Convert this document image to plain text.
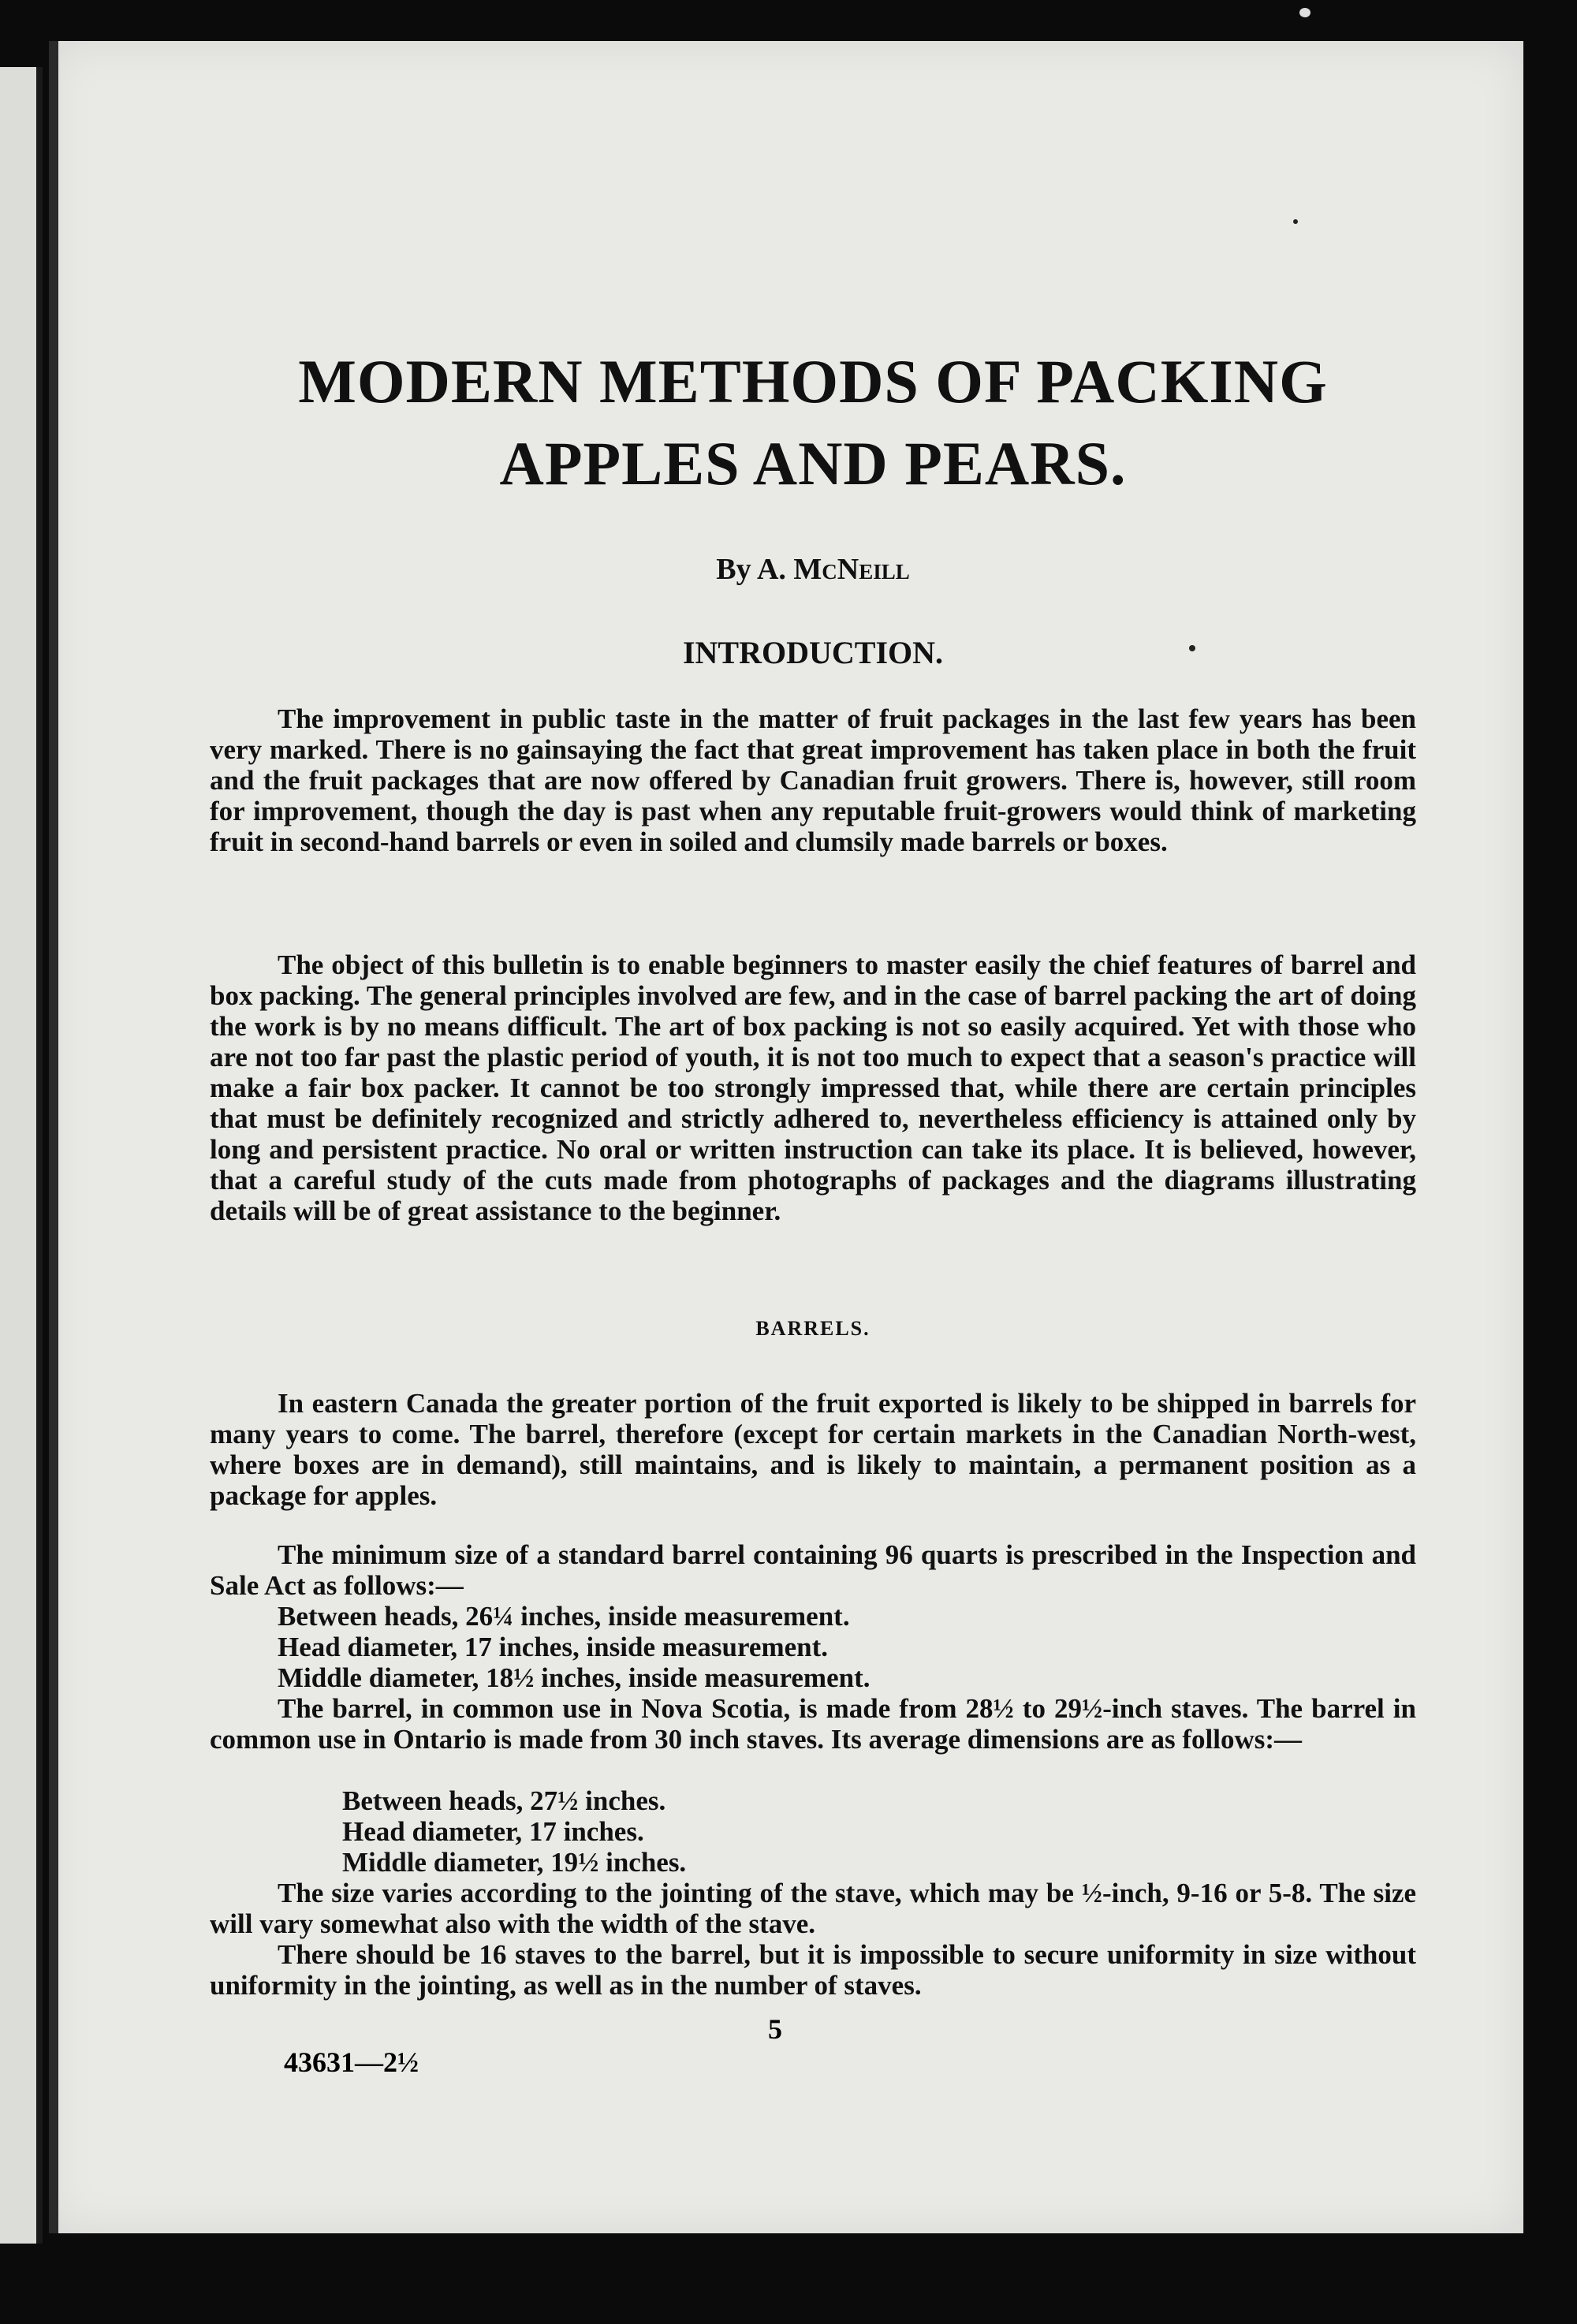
MODERN METHODS OF PACKING
APPLES AND PEARS.
By A. McNeill
INTRODUCTION.
The improvement in public taste in the matter of fruit packages in the last few years has been very marked. There is no gainsaying the fact that great improvement has taken place in both the fruit and the fruit packages that are now offered by Canadian fruit growers. There is, however, still room for improvement, though the day is past when any reputable fruit-growers would think of marketing fruit in second-hand barrels or even in soiled and clumsily made barrels or boxes.
The object of this bulletin is to enable beginners to master easily the chief features of barrel and box packing. The general principles involved are few, and in the case of barrel packing the art of doing the work is by no means difficult. The art of box packing is not so easily acquired. Yet with those who are not too far past the plastic period of youth, it is not too much to expect that a season's practice will make a fair box packer. It cannot be too strongly impressed that, while there are certain principles that must be definitely recognized and strictly adhered to, nevertheless efficiency is attained only by long and persistent practice. No oral or written instruction can take its place. It is believed, however, that a careful study of the cuts made from photographs of packages and the diagrams illustrating details will be of great assistance to the beginner.
BARRELS.
In eastern Canada the greater portion of the fruit exported is likely to be shipped in barrels for many years to come. The barrel, therefore (except for certain markets in the Canadian North-west, where boxes are in demand), still maintains, and is likely to maintain, a permanent position as a package for apples.
The minimum size of a standard barrel containing 96 quarts is prescribed in the Inspection and Sale Act as follows:—
Between heads, 26¼ inches, inside measurement.
Head diameter, 17 inches, inside measurement.
Middle diameter, 18½ inches, inside measurement.
The barrel, in common use in Nova Scotia, is made from 28½ to 29½-inch staves. The barrel in common use in Ontario is made from 30 inch staves. Its average dimensions are as follows:—
Between heads, 27½ inches.
Head diameter, 17 inches.
Middle diameter, 19½ inches.
The size varies according to the jointing of the stave, which may be ½-inch, 9-16 or 5-8. The size will vary somewhat also with the width of the stave.
There should be 16 staves to the barrel, but it is impossible to secure uniformity in size without uniformity in the jointing, as well as in the number of staves.
5
43631—2½
